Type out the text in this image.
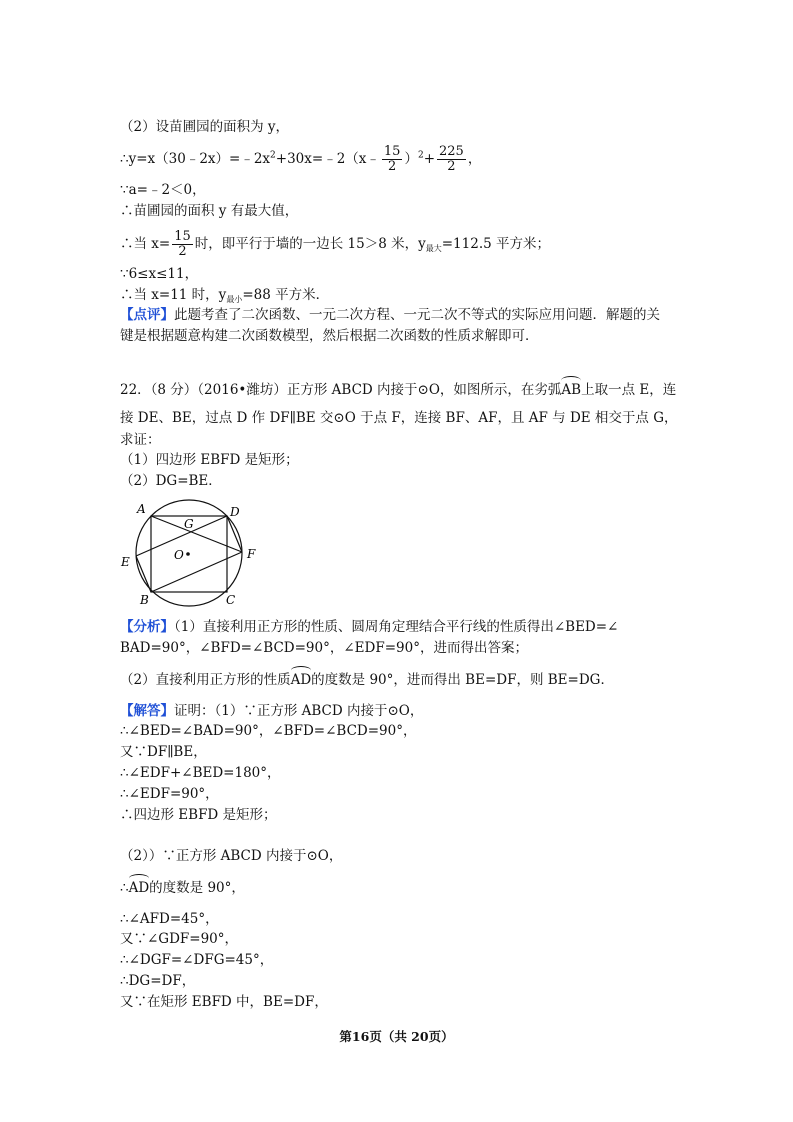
（2）设苗圃园的面积为 y，
$\therefore y=x(30﹣2x)=﹣2x^2+30x=﹣2(x﹣ \frac{15}{2} )^2+ \frac{225}{2}$ ，
∵a=﹣2＜0，
∴苗圃园的面积 y 有最大值，
∴当 $x= \frac{15}{2}$ 时，即平行于墙的一边长 15＞8 米，$y_{最大}=112.5$ 平方米；
∵6≤x≤11，
∴当 x=11 时，$y_{最小}=88$ 平方米．
【点评】此题考查了二次函数、一元二次方程、一元二次不等式的实际应用问题．解题的关
键是根据题意构建二次函数模型，然后根据二次函数的性质求解即可．
22．（8 分）（2016•潍坊）正方形 ABCD 内接于⊙O，如图所示，在劣弧AB上取一点 E，连
接 DE、BE，过点 D 作 DF∥BE 交⊙O 于点 F，连接 BF、AF，且 AF 与 DE 相交于点 G，
求证：
（1）四边形 EBFD 是矩形；
（2）DG=BE．
A	D
G
O	F
E
B	C
【分析】（1）直接利用正方形的性质、圆周角定理结合平行线的性质得出∠BED=∠
BAD=90°，∠BFD=∠BCD=90°，∠EDF=90°，进而得出答案；
（2）直接利用正方形的性质AD的度数是 90°，进而得出 BE=DF，则 BE=DG．
【解答】证明：（1）∵正方形 ABCD 内接于⊙O，
∴∠BED=∠BAD=90°，∠BFD=∠BCD=90°，
又∵DF∥BE，
∴∠EDF+∠BED=180°，
∴∠EDF=90°，
∴四边形 EBFD 是矩形；
（2））∵正方形 ABCD 内接于⊙O，
∴AD的度数是 90°，
∴∠AFD=45°，
又∵∠GDF=90°，
∴∠DGF=∠DFG=45°，
∴DG=DF，
又∵在矩形 EBFD 中，BE=DF，
第16页（共 20页）
